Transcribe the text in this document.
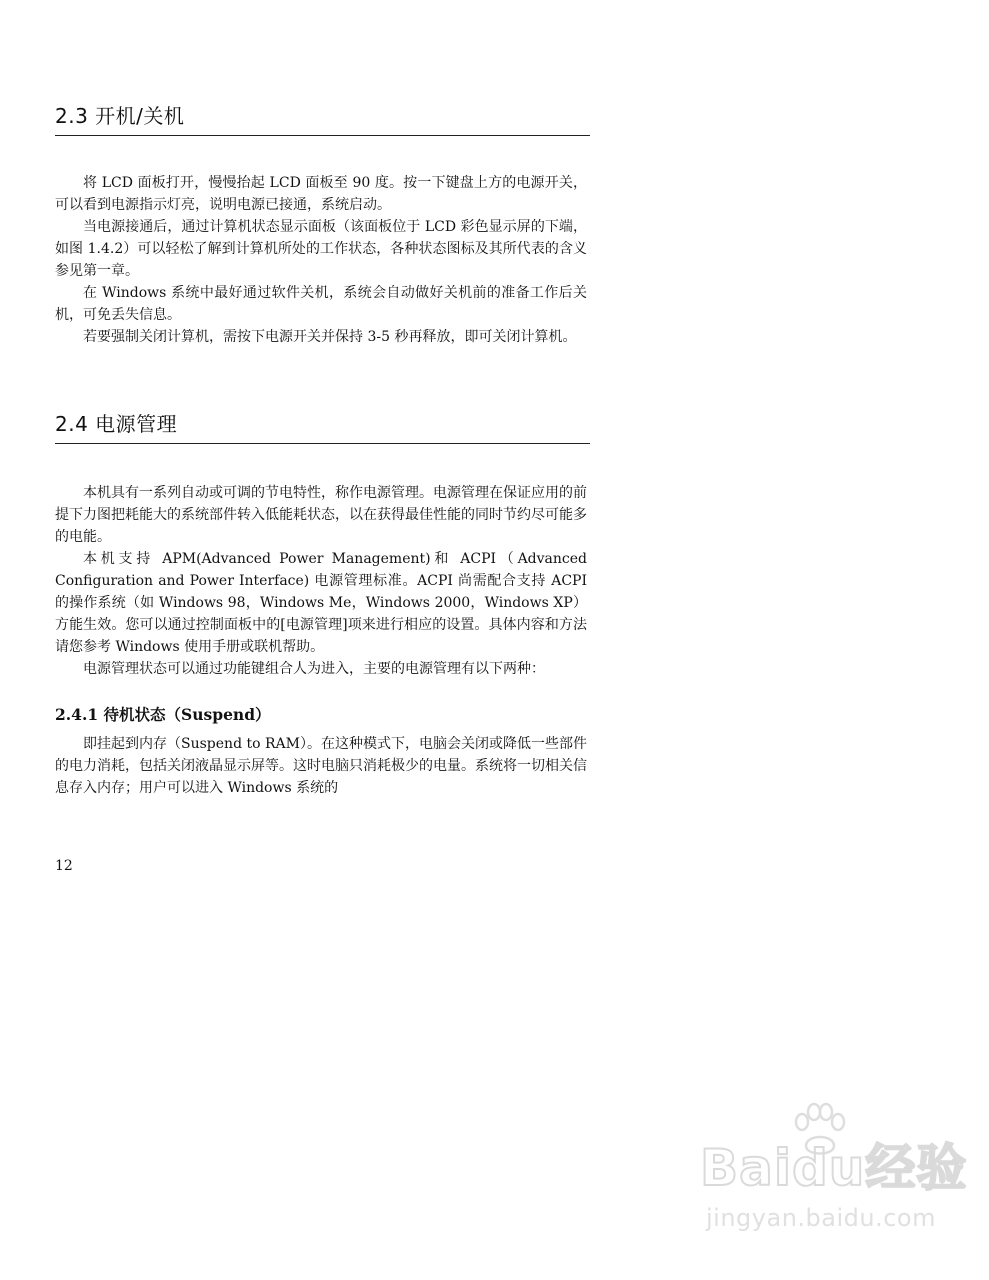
2.3 开机/关机

将 LCD 面板打开，慢慢抬起 LCD 面板至 90 度。按一下键盘上方的电源开关，可以看到电源指示灯亮，说明电源已接通，系统启动。

当电源接通后，通过计算机状态显示面板（该面板位于 LCD 彩色显示屏的下端，如图 1.4.2）可以轻松了解到计算机所处的工作状态，各种状态图标及其所代表的含义参见第一章。

在 Windows 系统中最好通过软件关机，系统会自动做好关机前的准备工作后关机，可免丢失信息。

若要强制关闭计算机，需按下电源开关并保持 3-5 秒再释放，即可关闭计算机。

2.4 电源管理

本机具有一系列自动或可调的节电特性，称作电源管理。电源管理在保证应用的前提下力图把耗能大的系统部件转入低能耗状态，以在获得最佳性能的同时节约尽可能多的电能。

本机支持 APM(Advanced Power Management)和 ACPI（Advanced Configuration and Power Interface) 电源管理标准。ACPI 尚需配合支持 ACPI 的操作系统（如 Windows 98，Windows Me，Windows 2000，Windows XP）方能生效。您可以通过控制面板中的[电源管理]项来进行相应的设置。具体内容和方法请您参考 Windows 使用手册或联机帮助。

电源管理状态可以通过功能键组合人为进入，主要的电源管理有以下两种：

2.4.1 待机状态（Suspend）

即挂起到内存（Suspend to RAM）。在这种模式下，电脑会关闭或降低一些部件的电力消耗，包括关闭液晶显示屏等。这时电脑只消耗极少的电量。系统将一切相关信息存入内存；用户可以进入 Windows 系统的

12

Baidu经验
jingyan.baidu.com
